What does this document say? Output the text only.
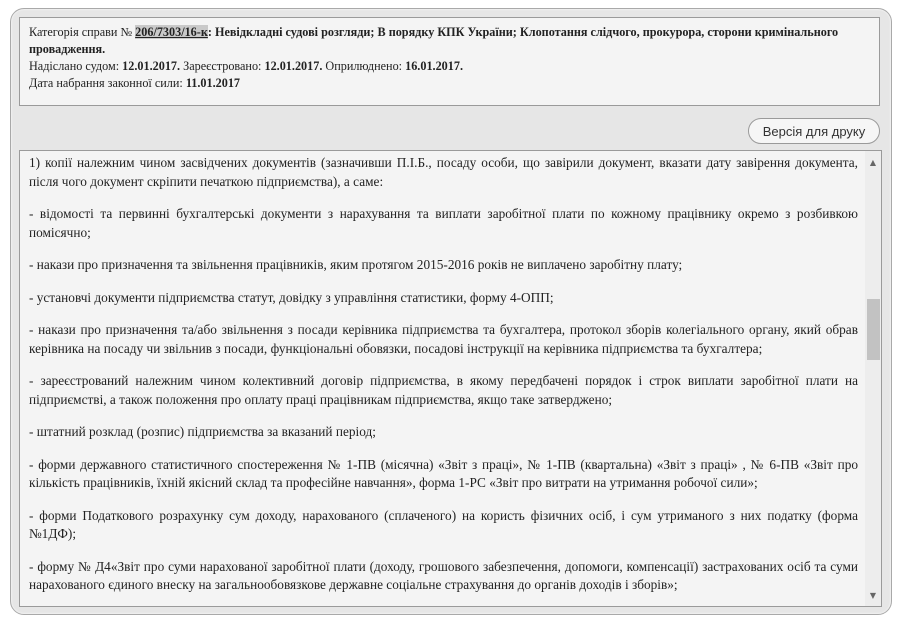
Категорія справи № 206/7303/16-к: Невідкладні судові розгляди; В порядку КПК України; Клопотання слідчого, прокурора, сторони кримінального провадження.
Надіслано судом: 12.01.2017. Зареєстровано: 12.01.2017. Оприлюднено: 16.01.2017.
Дата набрання законної сили: 11.01.2017
Версія для друку

1) копії належним чином засвідчених документів (зазначивши П.І.Б., посаду особи, що завірили документ, вказати дату завірення документа, після чого документ скріпити печаткою підприємства), а саме:

- відомості та первинні бухгалтерські документи з нарахування та виплати заробітної плати по кожному працівнику окремо з розбивкою помісячно;

- накази про призначення та звільнення працівників, яким протягом 2015-2016 років не виплачено заробітну плату;

- установчі документи підприємства статут, довідку з управління статистики, форму 4-ОПП;

- накази про призначення та/або звільнення з посади керівника підприємства та бухгалтера, протокол зборів колегіального органу, який обрав керівника на посаду чи звільнив з посади, функціональні обовязки, посадові інструкції на керівника підприємства та бухгалтера;

- зареєстрований належним чином колективний договір підприємства, в якому передбачені порядок і строк виплати заробітної плати на підприємстві, а також положення про оплату праці працівникам підприємства, якщо таке затверджено;

- штатний розклад (розпис) підприємства за вказаний період;

- форми державного статистичного спостереження № 1-ПВ (місячна) «Звіт з праці», № 1-ПВ (квартальна) «Звіт з праці» , № 6-ПВ «Звіт про кількість працівників, їхній якісний склад та професійне навчання», форма 1-РС «Звіт про витрати на утримання робочої сили»;

- форми Податкового розрахунку сум доходу, нарахованого (сплаченого) на користь фізичних осіб, і сум утриманого з них податку (форма №1ДФ);

- форму № Д4«Звіт про суми нарахованої заробітної плати (доходу, грошового забезпечення, допомоги, компенсації) застрахованих осіб та суми нарахованого єдиного внеску на загальнообовязкове державне соціальне страхування до органів доходів і зборів»;

▲
▼
